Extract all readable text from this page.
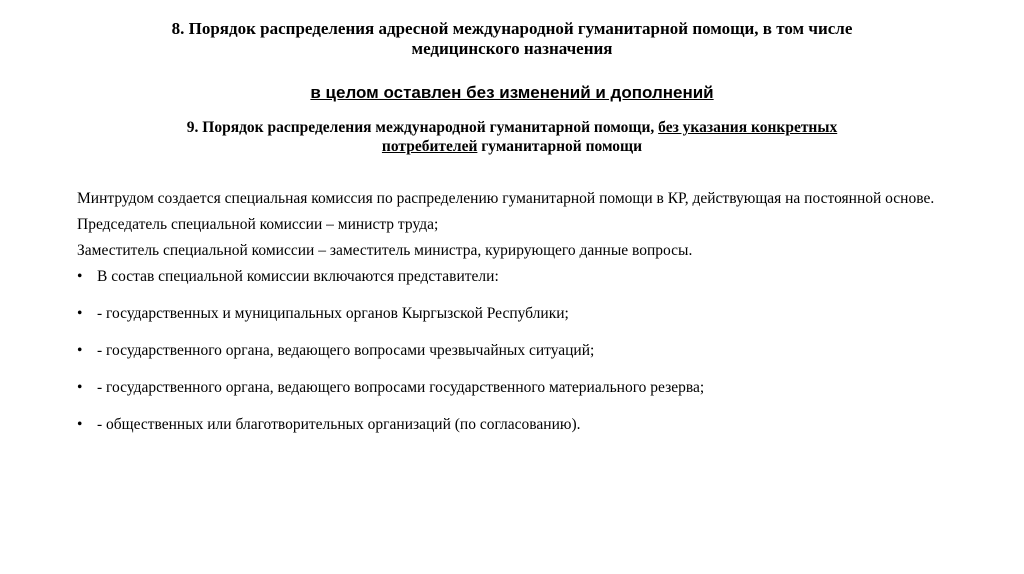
8. Порядок распределения адресной международной гуманитарной помощи, в том числе
медицинского назначения
в целом оставлен без изменений и дополнений
9. Порядок распределения международной гуманитарной помощи, без указания конкретных
потребителей гуманитарной помощи

Минтрудом создается специальная комиссия по распределению гуманитарной помощи в КР, действующая на постоянной основе.

Председатель специальной комиссии – министр труда;

Заместитель специальной комиссии – заместитель министра, курирующего данные вопросы.

• В состав специальной комиссии включаются представители:
• - государственных и муниципальных органов Кыргызской Республики;
• - государственного органа, ведающего вопросами чрезвычайных ситуаций;
• - государственного органа, ведающего вопросами государственного материального резерва;
• - общественных или благотворительных организаций (по согласованию).
